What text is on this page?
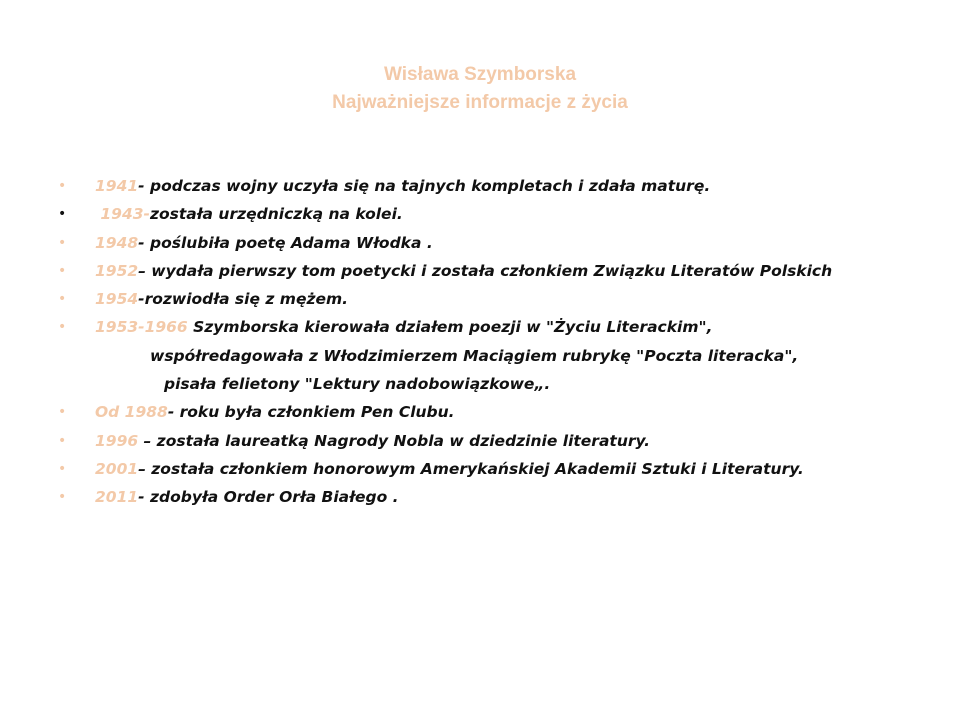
Wisława Szymborska
Najważniejsze informacje z życia
• 1941- podczas wojny uczyła się na tajnych kompletach i zdała maturę.
• 1943-została urzędniczką na kolei.
• 1948- poślubiła poetę Adama Włodka .
• 1952– wydała pierwszy tom poetycki i została członkiem Związku Literatów Polskich
• 1954-rozwiodła się z mężem.
• 1953-1966 Szymborska kierowała działem poezji w "Życiu Literackim",
współredagowała z Włodzimierzem Maciągiem rubrykę "Poczta literacka",
pisała felietony "Lektury nadobowiązkowe„.
• Od 1988- roku była członkiem Pen Clubu.
• 1996 – została laureatką Nagrody Nobla w dziedzinie literatury.
• 2001– została członkiem honorowym Amerykańskiej Akademii Sztuki i Literatury.
• 2011- zdobyła Order Orła Białego .
